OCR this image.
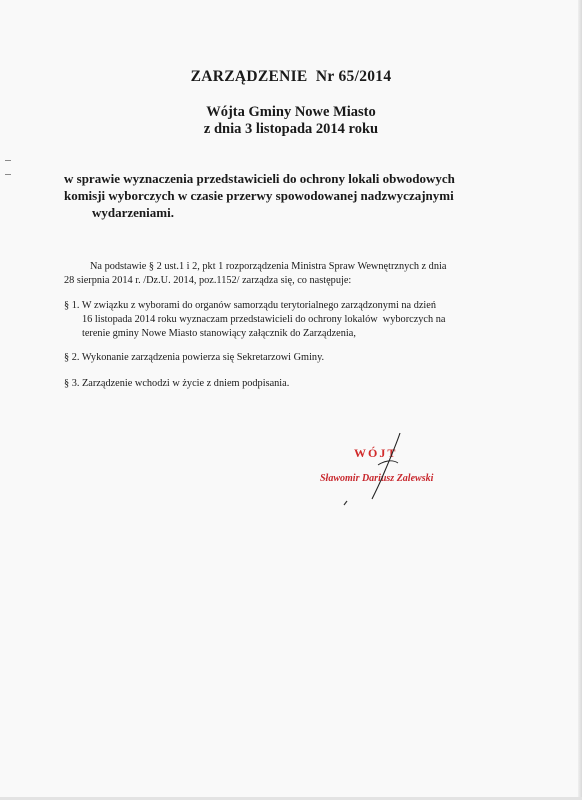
ZARZĄDZENIE  Nr 65/2014
Wójta Gminy Nowe Miasto
z dnia 3 listopada 2014 roku
w sprawie wyznaczenia przedstawicieli do ochrony lokali obwodowych
komisji wyborczych w czasie przerwy spowodowanej nadzwyczajnymi
wydarzeniami.
Na podstawie § 2 ust.1 i 2, pkt 1 rozporządzenia Ministra Spraw Wewnętrznych z dnia
28 sierpnia 2014 r. /Dz.U. 2014, poz.1152/ zarządza się, co następuje:
§ 1. W związku z wyborami do organów samorządu terytorialnego zarządzonymi na dzień
16 listopada 2014 roku wyznaczam przedstawicieli do ochrony lokalów  wyborczych na
terenie gminy Nowe Miasto stanowiący załącznik do Zarządzenia,
§ 2. Wykonanie zarządzenia powierza się Sekretarzowi Gminy.
§ 3. Zarządzenie wchodzi w życie z dniem podpisania.
WÓJT
Sławomir Dariusz Zalewski
